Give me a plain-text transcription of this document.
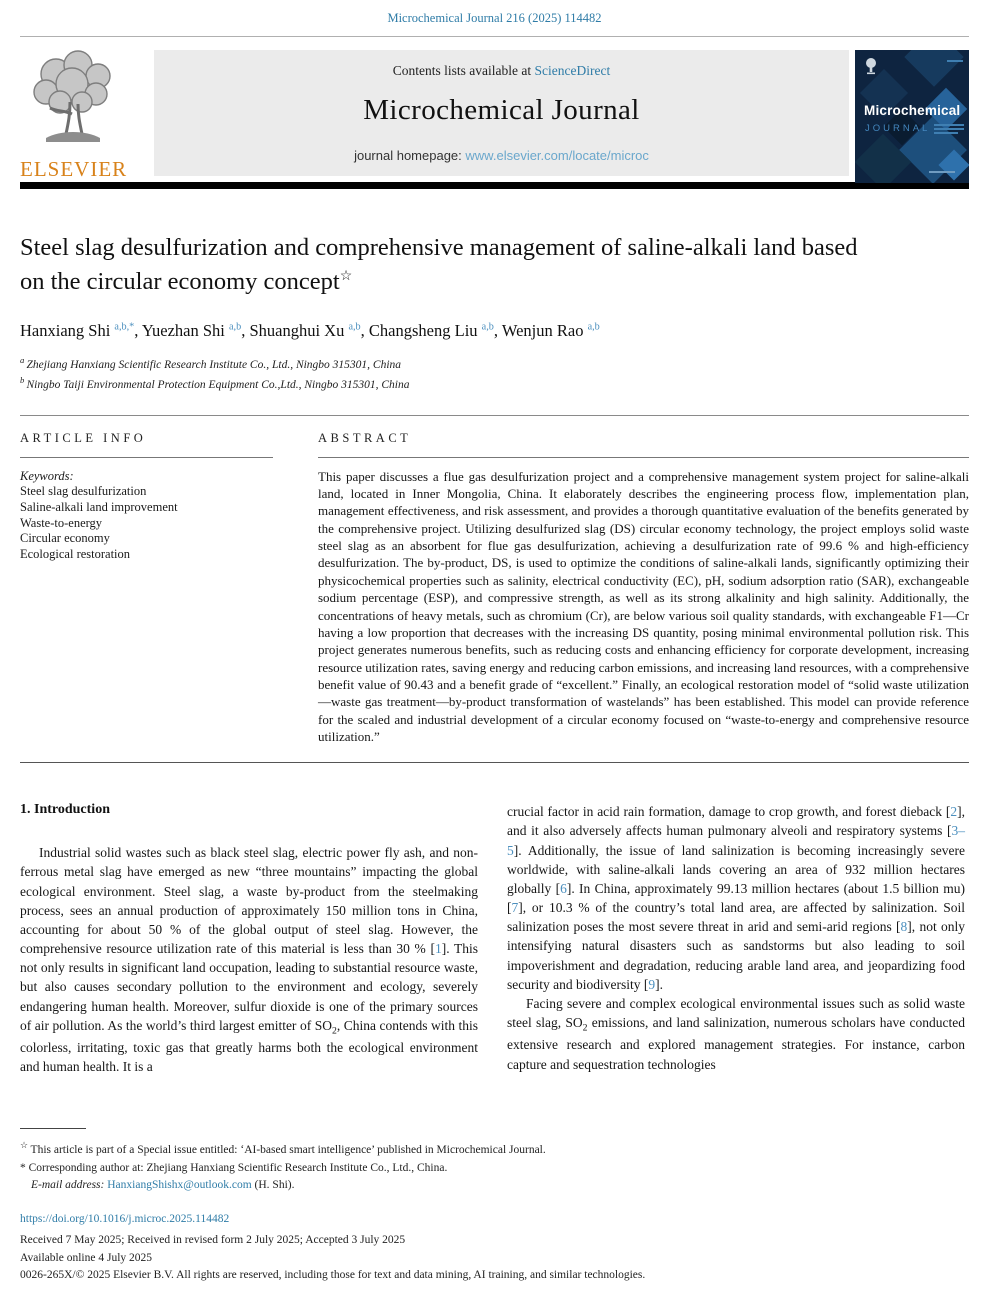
Microchemical Journal 216 (2025) 114482
ELSEVIER
Contents lists available at ScienceDirect
Microchemical Journal
journal homepage: www.elsevier.com/locate/microc
Microchemical
JOURNAL
Steel slag desulfurization and comprehensive management of saline-alkali land based on the circular economy concept☆
Hanxiang Shi $^{a,b,*}$, Yuezhan Shi $^{a,b}$, Shuanghui Xu $^{a,b}$, Changsheng Liu $^{a,b}$, Wenjun Rao $^{a,b}$
$^a$ Zhejiang Hanxiang Scientific Research Institute Co., Ltd., Ningbo 315301, China
$^b$ Ningbo Taiji Environmental Protection Equipment Co.,Ltd., Ningbo 315301, China
ARTICLE INFO
Keywords:
Steel slag desulfurization
Saline-alkali land improvement
Waste-to-energy
Circular economy
Ecological restoration
ABSTRACT
This paper discusses a flue gas desulfurization project and a comprehensive management system project for saline-alkali land, located in Inner Mongolia, China. It elaborately describes the engineering process flow, implementation plan, management effectiveness, and risk assessment, and provides a thorough quantitative evaluation of the benefits generated by the comprehensive project. Utilizing desulfurized slag (DS) circular economy technology, the project employs solid waste steel slag as an absorbent for flue gas desulfurization, achieving a desulfurization rate of 99.6 % and high-efficiency desulfurization. The by-product, DS, is used to optimize the conditions of saline-alkali lands, significantly optimizing their physicochemical properties such as salinity, electrical conductivity (EC), pH, sodium adsorption ratio (SAR), exchangeable sodium percentage (ESP), and compressive strength, as well as its strong alkalinity and high salinity. Additionally, the concentrations of heavy metals, such as chromium (Cr), are below various soil quality standards, with exchangeable F1—Cr having a low proportion that decreases with the increasing DS quantity, posing minimal environmental pollution risk. This project generates numerous benefits, such as reducing costs and enhancing efficiency for corporate development, increasing resource utilization rates, saving energy and reducing carbon emissions, and increasing land resources, with a comprehensive benefit value of 90.43 and a benefit grade of “excellent.” Finally, an ecological restoration model of “solid waste utilization—waste gas treatment—by-product transformation of wastelands” has been established. This model can provide reference for the scaled and industrial development of a circular economy focused on “waste-to-energy and comprehensive resource utilization.”
1. Introduction

Industrial solid wastes such as black steel slag, electric power fly ash, and non-ferrous metal slag have emerged as new “three mountains” impacting the global ecological environment. Steel slag, a waste by-product from the steelmaking process, sees an annual production of approximately 150 million tons in China, accounting for about 50 % of the global output of steel slag. However, the comprehensive resource utilization rate of this material is less than 30 % [1]. This not only results in significant land occupation, leading to substantial resource waste, but also causes secondary pollution to the environment and ecology, severely endangering human health. Moreover, sulfur dioxide is one of the primary sources of air pollution. As the world’s third largest emitter of $SO_2$, China contends with this colorless, irritating, toxic gas that greatly harms both the ecological environment and human health. It is a

crucial factor in acid rain formation, damage to crop growth, and forest dieback [2], and it also adversely affects human pulmonary alveoli and respiratory systems [3–5]. Additionally, the issue of land salinization is becoming increasingly severe worldwide, with saline-alkali lands covering an area of 932 million hectares globally [6]. In China, approximately 99.13 million hectares (about 1.5 billion mu) [7], or 10.3 % of the country’s total land area, are affected by salinization. Soil salinization poses the most severe threat in arid and semi-arid regions [8], not only intensifying natural disasters such as sandstorms but also leading to soil impoverishment and degradation, reducing arable land area, and jeopardizing food security and biodiversity [9].

Facing severe and complex ecological environmental issues such as solid waste steel slag, $SO_2$ emissions, and land salinization, numerous scholars have conducted extensive research and explored management strategies. For instance, carbon capture and sequestration technologies

☆ This article is part of a Special issue entitled: ‘AI-based smart intelligence’ published in Microchemical Journal.
* Corresponding author at: Zhejiang Hanxiang Scientific Research Institute Co., Ltd., China.
E-mail address: HanxiangShishx@outlook.com (H. Shi).
https://doi.org/10.1016/j.microc.2025.114482
Received 7 May 2025; Received in revised form 2 July 2025; Accepted 3 July 2025
Available online 4 July 2025
0026-265X/© 2025 Elsevier B.V. All rights are reserved, including those for text and data mining, AI training, and similar technologies.
